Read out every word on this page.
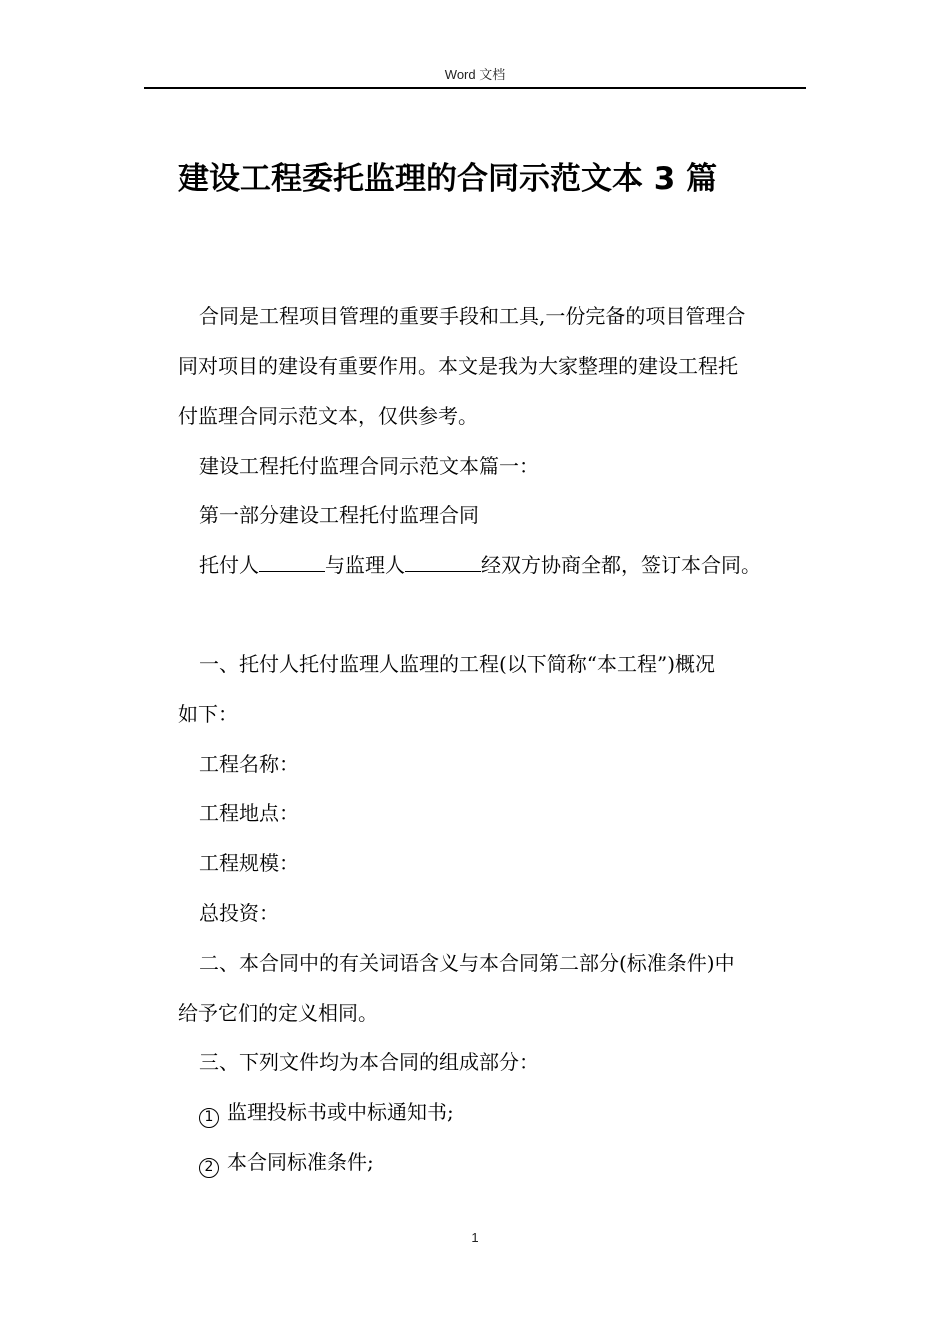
Word 文档
建设工程委托监理的合同示范文本 3 篇
合同是工程项目管理的重要手段和工具,一份完备的项目管理合
同对项目的建设有重要作用。本文是我为大家整理的建设工程托
付监理合同示范文本，仅供参考。
建设工程托付监理合同示范文本篇一：
第一部分建设工程托付监理合同
托付人	与监理人	经双方协商全都，签订本合同。
一、托付人托付监理人监理的工程(以下简称“本工程”)概况
如下：
工程名称：
工程地点：
工程规模：
总投资：
二、本合同中的有关词语含义与本合同第二部分(标准条件)中
给予它们的定义相同。
三、下列文件均为本合同的组成部分：
1 监理投标书或中标通知书;
2 本合同标准条件;
1
